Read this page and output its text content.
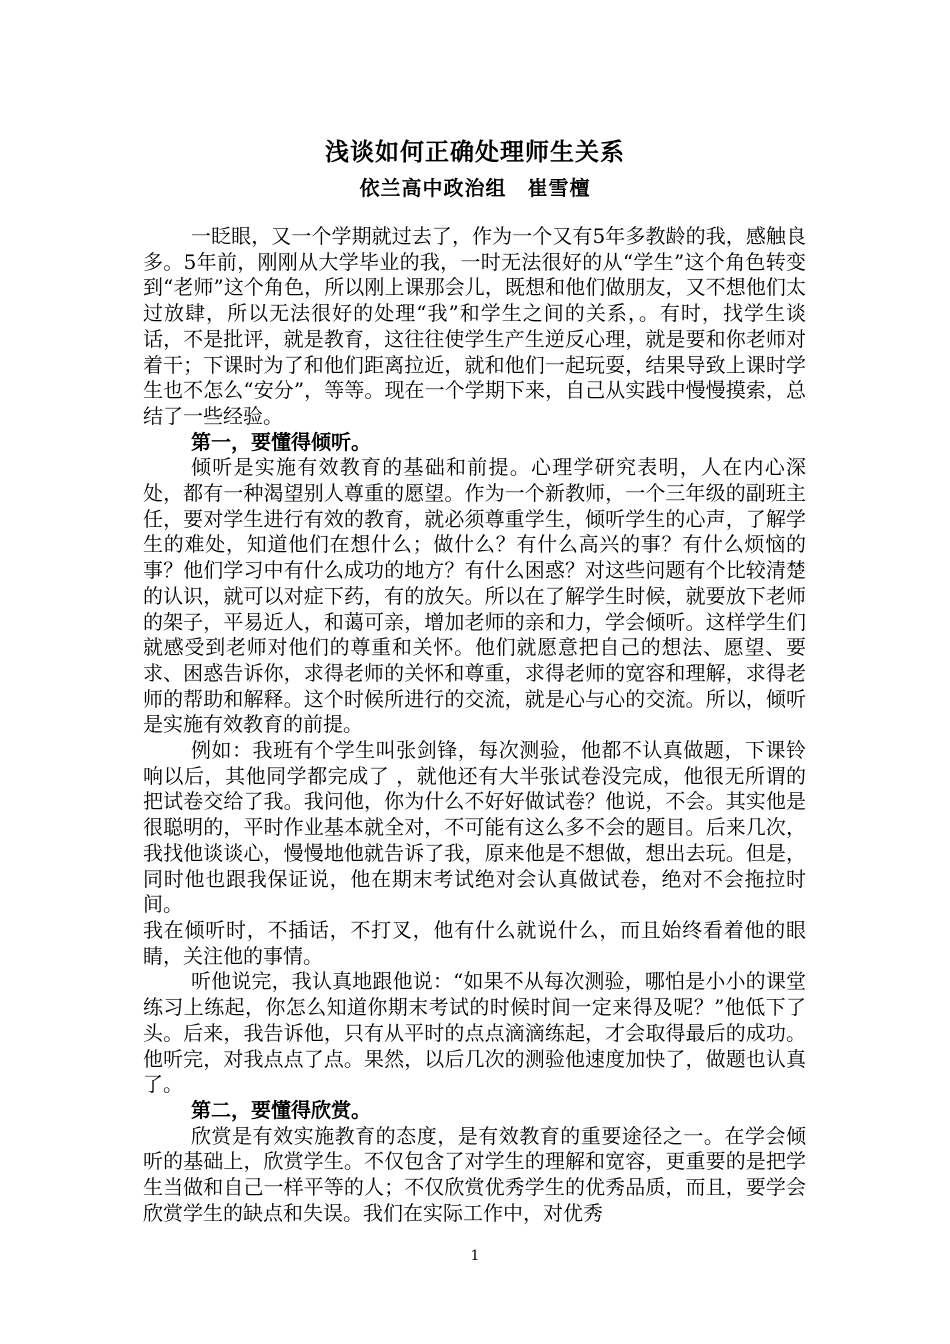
浅谈如何正确处理师生关系
依兰高中政治组　崔雪檀

一眨眼，又一个学期就过去了，作为一个又有5年多教龄的我，感触良多。5年前，刚刚从大学毕业的我，一时无法很好的从“学生”这个角色转变到“老师”这个角色，所以刚上课那会儿，既想和他们做朋友，又不想他们太过放肆，所以无法很好的处理“我”和学生之间的关系，。有时，找学生谈话，不是批评，就是教育，这往往使学生产生逆反心理，就是要和你老师对着干；下课时为了和他们距离拉近，就和他们一起玩耍，结果导致上课时学生也不怎么“安分”，等等。现在一个学期下来，自己从实践中慢慢摸索，总结了一些经验。

第一，要懂得倾听。

倾听是实施有效教育的基础和前提。心理学研究表明，人在内心深处，都有一种渴望别人尊重的愿望。作为一个新教师，一个三年级的副班主任，要对学生进行有效的教育，就必须尊重学生，倾听学生的心声，了解学生的难处，知道他们在想什么；做什么？有什么高兴的事？有什么烦恼的事？他们学习中有什么成功的地方？有什么困惑？对这些问题有个比较清楚的认识，就可以对症下药，有的放矢。所以在了解学生时候，就要放下老师的架子，平易近人，和蔼可亲，增加老师的亲和力，学会倾听。这样学生们就感受到老师对他们的尊重和关怀。他们就愿意把自己的想法、愿望、要求、困惑告诉你，求得老师的关怀和尊重，求得老师的宽容和理解，求得老师的帮助和解释。这个时候所进行的交流，就是心与心的交流。所以，倾听是实施有效教育的前提。

例如：我班有个学生叫张剑锋，每次测验，他都不认真做题，下课铃响以后，其他同学都完成了 ，就他还有大半张试卷没完成，他很无所谓的把试卷交给了我。我问他，你为什么不好好做试卷？他说，不会。其实他是很聪明的，平时作业基本就全对，不可能有这么多不会的题目。后来几次，我找他谈谈心，慢慢地他就告诉了我，原来他是不想做，想出去玩。但是，同时他也跟我保证说，他在期末考试绝对会认真做试卷，绝对不会拖拉时间。

我在倾听时，不插话，不打叉，他有什么就说什么，而且始终看着他的眼睛，关注他的事情。

听他说完，我认真地跟他说：“如果不从每次测验，哪怕是小小的课堂练习上练起，你怎么知道你期末考试的时候时间一定来得及呢？”他低下了头。后来，我告诉他，只有从平时的点点滴滴练起，才会取得最后的成功。他听完，对我点点了点。果然，以后几次的测验他速度加快了，做题也认真了。

第二，要懂得欣赏。

欣赏是有效实施教育的态度，是有效教育的重要途径之一。在学会倾听的基础上，欣赏学生。不仅包含了对学生的理解和宽容，更重要的是把学生当做和自己一样平等的人；不仅欣赏优秀学生的优秀品质，而且，要学会欣赏学生的缺点和失误。我们在实际工作中，对优秀

1
